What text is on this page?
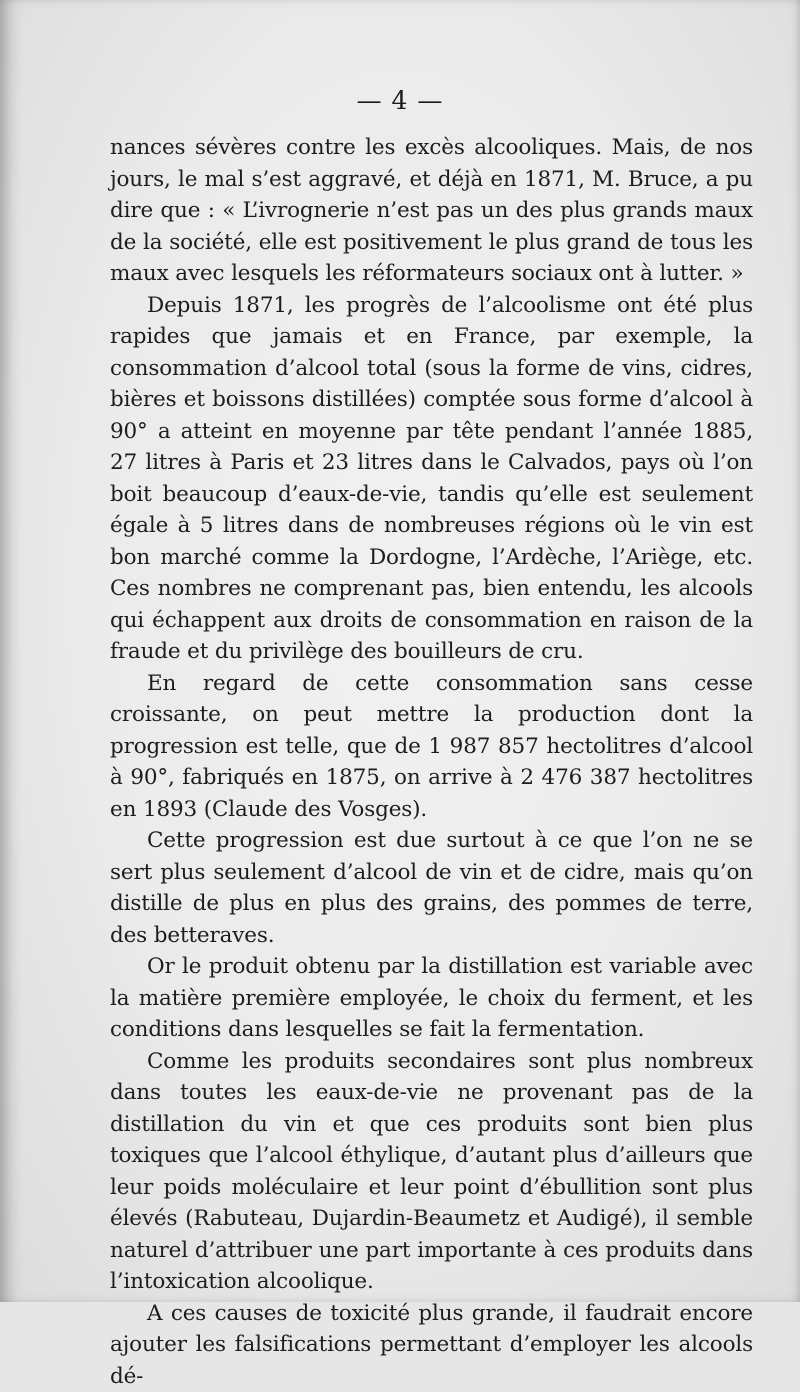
— 4 —

nances sévères contre les excès alcooliques. Mais, de nos jours, le mal s’est aggravé, et déjà en 1871, M. Bruce, a pu dire que : « L’ivrognerie n’est pas un des plus grands maux de la société, elle est positivement le plus grand de tous les maux avec lesquels les réformateurs sociaux ont à lutter. »

Depuis 1871, les progrès de l’alcoolisme ont été plus rapides que jamais et en France, par exemple, la consommation d’alcool total (sous la forme de vins, cidres, bières et boissons distillées) comptée sous forme d’alcool à 90° a atteint en moyenne par tête pendant l’année 1885, 27 litres à Paris et 23 litres dans le Calvados, pays où l’on boit beaucoup d’eaux-de-vie, tandis qu’elle est seulement égale à 5 litres dans de nombreuses régions où le vin est bon marché comme la Dordogne, l’Ardèche, l’Ariège, etc. Ces nombres ne comprenant pas, bien entendu, les alcools qui échappent aux droits de consommation en raison de la fraude et du privilège des bouilleurs de cru.

En regard de cette consommation sans cesse croissante, on peut mettre la production dont la progression est telle, que de 1 987 857 hectolitres d’alcool à 90°, fabriqués en 1875, on arrive à 2 476 387 hectolitres en 1893 (Claude des Vosges).

Cette progression est due surtout à ce que l’on ne se sert plus seulement d’alcool de vin et de cidre, mais qu’on distille de plus en plus des grains, des pommes de terre, des betteraves.

Or le produit obtenu par la distillation est variable avec la matière première employée, le choix du ferment, et les conditions dans lesquelles se fait la fermentation.

Comme les produits secondaires sont plus nombreux dans toutes les eaux-de-vie ne provenant pas de la distillation du vin et que ces produits sont bien plus toxiques que l’alcool éthylique, d’autant plus d’ailleurs que leur poids moléculaire et leur point d’ébullition sont plus élevés (Rabuteau, Dujardin-Beaumetz et Audigé), il semble naturel d’attribuer une part importante à ces produits dans l’intoxication alcoolique.

A ces causes de toxicité plus grande, il faudrait encore ajouter les falsifications permettant d’employer les alcools dé-
